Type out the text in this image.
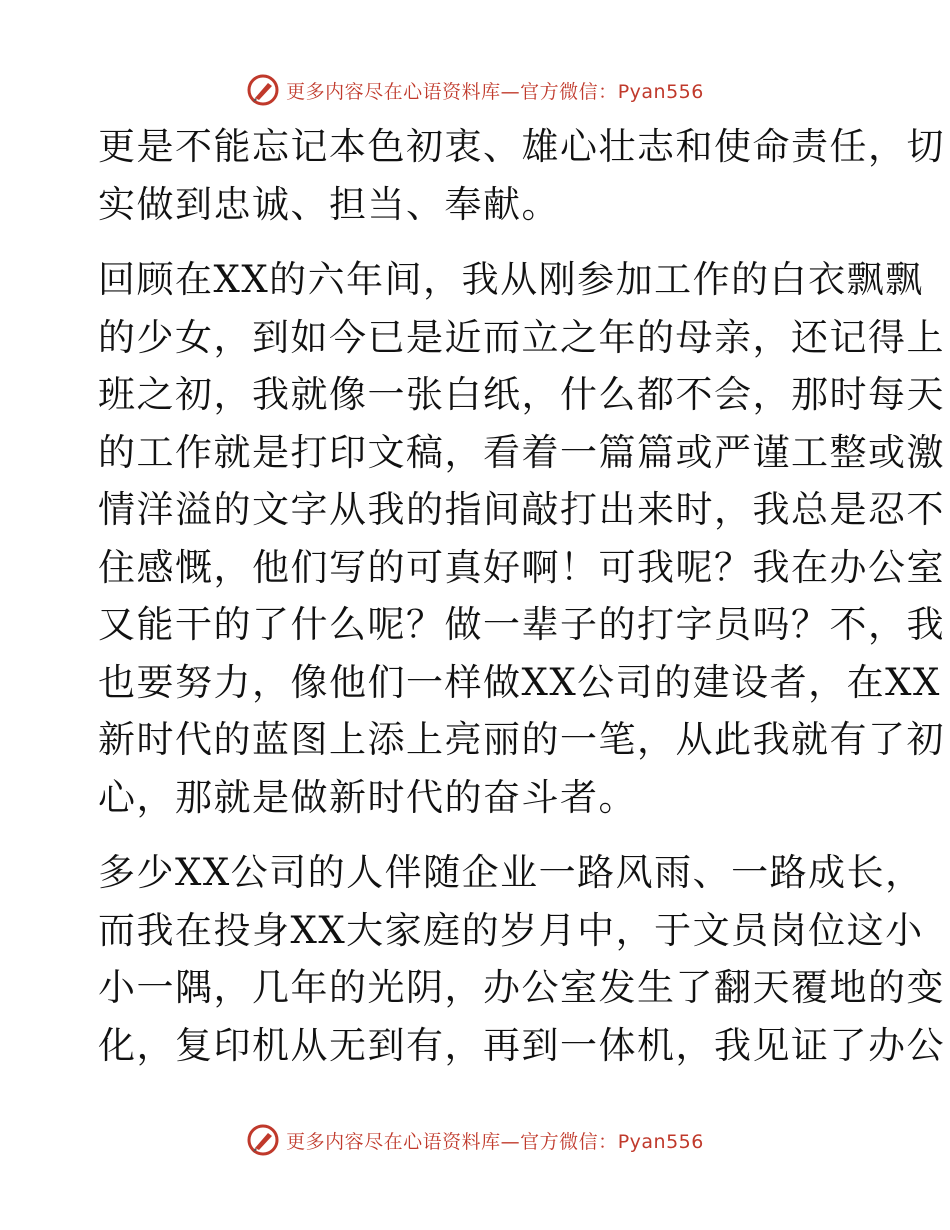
更多内容尽在心语资料库—官方微信：Pyan556
更是不能忘记本色初衷、雄心壮志和使命责任，切
实做到忠诚、担当、奉献。
回顾在XX的六年间，我从刚参加工作的白衣飘飘
的少女，到如今已是近而立之年的母亲，还记得上
班之初，我就像一张白纸，什么都不会，那时每天
的工作就是打印文稿，看着一篇篇或严谨工整或激
情洋溢的文字从我的指间敲打出来时，我总是忍不
住感慨，他们写的可真好啊！可我呢？我在办公室
又能干的了什么呢？做一辈子的打字员吗？不，我
也要努力，像他们一样做XX公司的建设者，在XX
新时代的蓝图上添上亮丽的一笔，从此我就有了初
心，那就是做新时代的奋斗者。
多少XX公司的人伴随企业一路风雨、一路成长，
而我在投身XX大家庭的岁月中，于文员岗位这小
小一隅，几年的光阴，办公室发生了翻天覆地的变
化，复印机从无到有，再到一体机，我见证了办公
更多内容尽在心语资料库—官方微信：Pyan556
